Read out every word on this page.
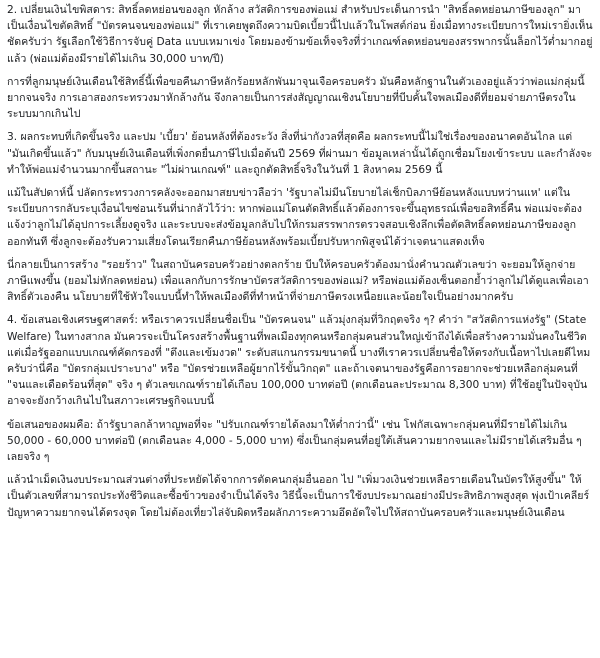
2. เปลี่ยนเงินไขพิสดาร: สิทธิ์ลดหย่อนของลูก หักล้าง สวัสดิการของพ่อแม่ สำหรับประเด็นการนำ "สิทธิ์ลดหย่อนภาษีของลูก" มาเป็นเงื่อนไขตัดสิทธิ์ "บัตรคนจนของพ่อแม่" ที่เราเคยพูดถึงความบิดเบี้ยวนี้ไปแล้วในโพสต์ก่อน ยิ่งเมื่อทางระเบียบการใหม่เรายิ่งเห็นชัดครับว่า รัฐเลือกใช้วิธีการจับคู่ Data แบบเหมาเข่ง โดยมองข้ามข้อเท็จจริงที่ว่าเกณฑ์ลดหย่อนของสรรพากรนั้นล็อกไว้ต่ำมากอยู่แล้ว (พ่อแม่ต้องมีรายได้ไม่เกิน 30,000 บาท/ปี)

การที่ลูกมนุษย์เงินเดือนใช้สิทธิ์นี้เพื่อขอคืนภาษีหลักร้อยหลักพันมาจุนเจือครอบครัว มันคือหลักฐานในตัวเองอยู่แล้วว่าพ่อแม่กลุ่มนี้ยากจนจริง การเอาสองกระทรวงมาหักล้างกัน จึงกลายเป็นการส่งสัญญาณเชิงนโยบายที่บีบคั้นใจพลเมืองดีที่ยอมจ่ายภาษีตรงในระบบมากเกินไป

3. ผลกระทบที่เกิดขึ้นจริง และปม 'เบี้ยว' ย้อนหลังที่ต้องระวัง สิ่งที่น่ากังวลที่สุดคือ ผลกระทบนี้ไม่ใช่เรื่องของอนาคตอันไกล แต่ "มันเกิดขึ้นแล้ว" กับมนุษย์เงินเดือนที่เพิ่งกดยื่นภาษีไปเมื่อต้นปี 2569 ที่ผ่านมา ข้อมูลเหล่านั้นได้ถูกเชื่อมโยงเข้าระบบ และกำลังจะทำให้พ่อแม่จำนวนมากขึ้นสถานะ "ไม่ผ่านเกณฑ์" และถูกตัดสิทธิ์จริงในวันที่ 1 สิงหาคม 2569 นี้

แม้ในสัปดาห์นี้ ปลัดกระทรวงการคลังจะออกมาสยบข่าวลือว่า 'รัฐบาลไม่มีนโยบายไล่เช็กบิลภาษีย้อนหลังแบบหว่านแห' แต่ในระเบียบการกลับระบุเงื่อนไขซ่อนเร้นที่น่ากลัวไว้ว่า: หากพ่อแม่โดนตัดสิทธิ์แล้วต้องการจะขึ้นอุทธรณ์เพื่อขอสิทธิ์คืน พ่อแม่จะต้องแจ้งว่าลูกไม่ได้อุปการะเลี้ยงดูจริง และระบบจะส่งข้อมูลกลับไปให้กรมสรรพากรตรวจสอบเชิงลึกเพื่อตัดสิทธิ์ลดหย่อนภาษีของลูกออกทันที ซึ่งลูกจะต้องรับความเสี่ยงโดนเรียกคืนภาษีย้อนหลังพร้อมเบี้ยปรับหากพิสูจน์ได้ว่าเจตนาแสดงเท็จ

นี่กลายเป็นการสร้าง "รอยร้าว" ในสถาบันครอบครัวอย่างตลกร้าย บีบให้ครอบครัวต้องมานั่งคำนวณตัวเลขว่า จะยอมให้ลูกจ่ายภาษีแพงขึ้น (ยอมไม่หักลดหย่อน) เพื่อแลกกับการรักษาบัตรสวัสดิการของพ่อแม่? หรือพ่อแม่ต้องเซ็นตอกย้ำว่าลูกไม่ได้ดูแลเพื่อเอาสิทธิ์ตัวเองคืน นโยบายที่ใช้หัวใจแบบนี้ทำให้พลเมืองดีที่ทำหน้าที่จ่ายภาษีตรงเหนื่อยและน้อยใจเป็นอย่างมากครับ

4. ข้อเสนอเชิงเศรษฐศาสตร์: หรือเราควรเปลี่ยนชื่อเป็น "บัตรคนจน" แล้วมุ่งกลุ่มที่วิกฤตจริง ๆ? คำว่า "สวัสดิการแห่งรัฐ" (State Welfare) ในทางสากล มันควรจะเป็นโครงสร้างพื้นฐานที่พลเมืองทุกคนหรือกลุ่มคนส่วนใหญ่เข้าถึงได้เพื่อสร้างความมั่นคงในชีวิต แต่เมื่อรัฐออกแบบเกณฑ์คัดกรองที่ "ตึงและเข้มงวด" ระดับสแกนกรรมขนาดนี้ บางทีเราควรเปลี่ยนชื่อให้ตรงกับเนื้อหาไปเลยดีไหมครับว่านี่คือ "บัตรกลุ่มเปราะบาง" หรือ "บัตรช่วยเหลือผู้ยากไร้ขั้นวิกฤต" และถ้าเจตนาของรัฐคือการอยากจะช่วยเหลือกลุ่มคนที่ "จนและเดือดร้อนที่สุด" จริง ๆ ตัวเลขเกณฑ์รายได้เกือบ 100,000 บาทต่อปี (ตกเดือนละประมาณ 8,300 บาท) ที่ใช้อยู่ในปัจจุบัน อาจจะยังกว้างเกินไปในสภาวะเศรษฐกิจแบบนี้

ข้อเสนอของผมคือ: ถ้ารัฐบาลกล้าหาญพอที่จะ "ปรับเกณฑ์รายได้ลงมาให้ต่ำกว่านี้" เช่น โฟกัสเฉพาะกลุ่มคนที่มีรายได้ไม่เกิน 50,000 - 60,000 บาทต่อปี (ตกเดือนละ 4,000 - 5,000 บาท) ซึ่งเป็นกลุ่มคนที่อยู่ใต้เส้นความยากจนและไม่มีรายได้เสริมอื่น ๆ เลยจริง ๆ

แล้วนำเม็ดเงินงบประมาณส่วนต่างที่ประหยัดได้จากการตัดคนกลุ่มอื่นออก ไป "เพิ่มวงเงินช่วยเหลือรายเดือนในบัตรให้สูงขึ้น" ให้เป็นตัวเลขที่สามารถประทังชีวิตและซื้อข้าวของจำเป็นได้จริง วิธีนี้จะเป็นการใช้งบประมาณอย่างมีประสิทธิภาพสูงสุด พุ่งเป้าเคลียร์ปัญหาความยากจนได้ตรงจุด โดยไม่ต้องเที่ยวไล่จับผิดหรือผลักภาระความอึดอัดใจไปให้สถาบันครอบครัวและมนุษย์เงินเดือน
